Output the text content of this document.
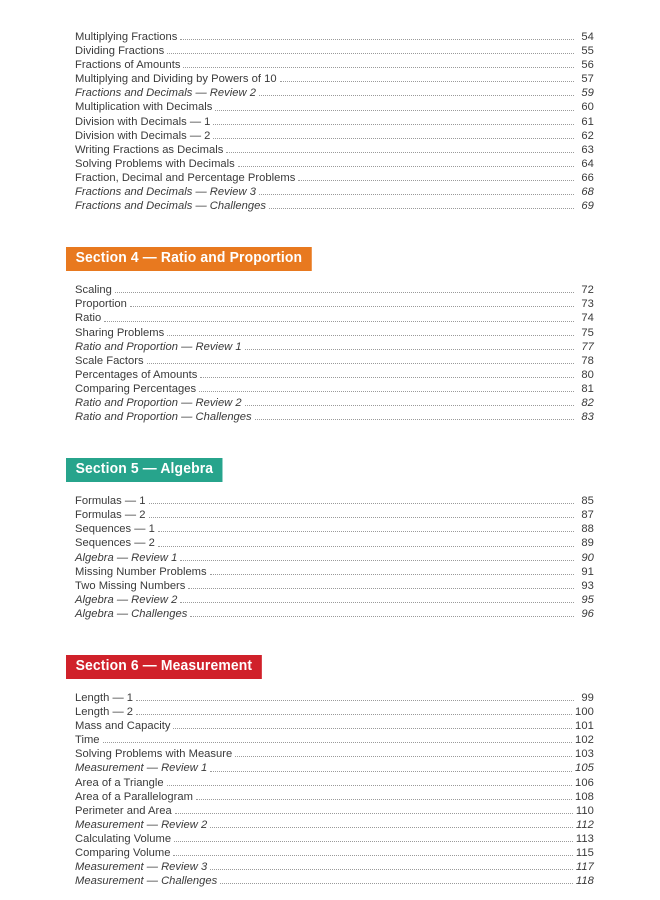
Multiplying Fractions	54
Dividing Fractions	55
Fractions of Amounts	56
Multiplying and Dividing by Powers of 10	57
Fractions and Decimals — Review 2	59
Multiplication with Decimals	60
Division with Decimals — 1	61
Division with Decimals — 2	62
Writing Fractions as Decimals	63
Solving Problems with Decimals	64
Fraction, Decimal and Percentage Problems	66
Fractions and Decimals — Review 3	68
Fractions and Decimals — Challenges	69
Section 4 — Ratio and Proportion
Scaling	72
Proportion	73
Ratio	74
Sharing Problems	75
Ratio and Proportion — Review 1	77
Scale Factors	78
Percentages of Amounts	80
Comparing Percentages	81
Ratio and Proportion — Review 2	82
Ratio and Proportion — Challenges	83
Section 5 — Algebra
Formulas — 1	85
Formulas — 2	87
Sequences — 1	88
Sequences — 2	89
Algebra — Review 1	90
Missing Number Problems	91
Two Missing Numbers	93
Algebra — Review 2	95
Algebra — Challenges	96
Section 6 — Measurement
Length — 1	99
Length — 2	100
Mass and Capacity	101
Time	102
Solving Problems with Measure	103
Measurement — Review 1	105
Area of a Triangle	106
Area of a Parallelogram	108
Perimeter and Area	110
Measurement — Review 2	112
Calculating Volume	113
Comparing Volume	115
Measurement — Review 3	117
Measurement — Challenges	118
